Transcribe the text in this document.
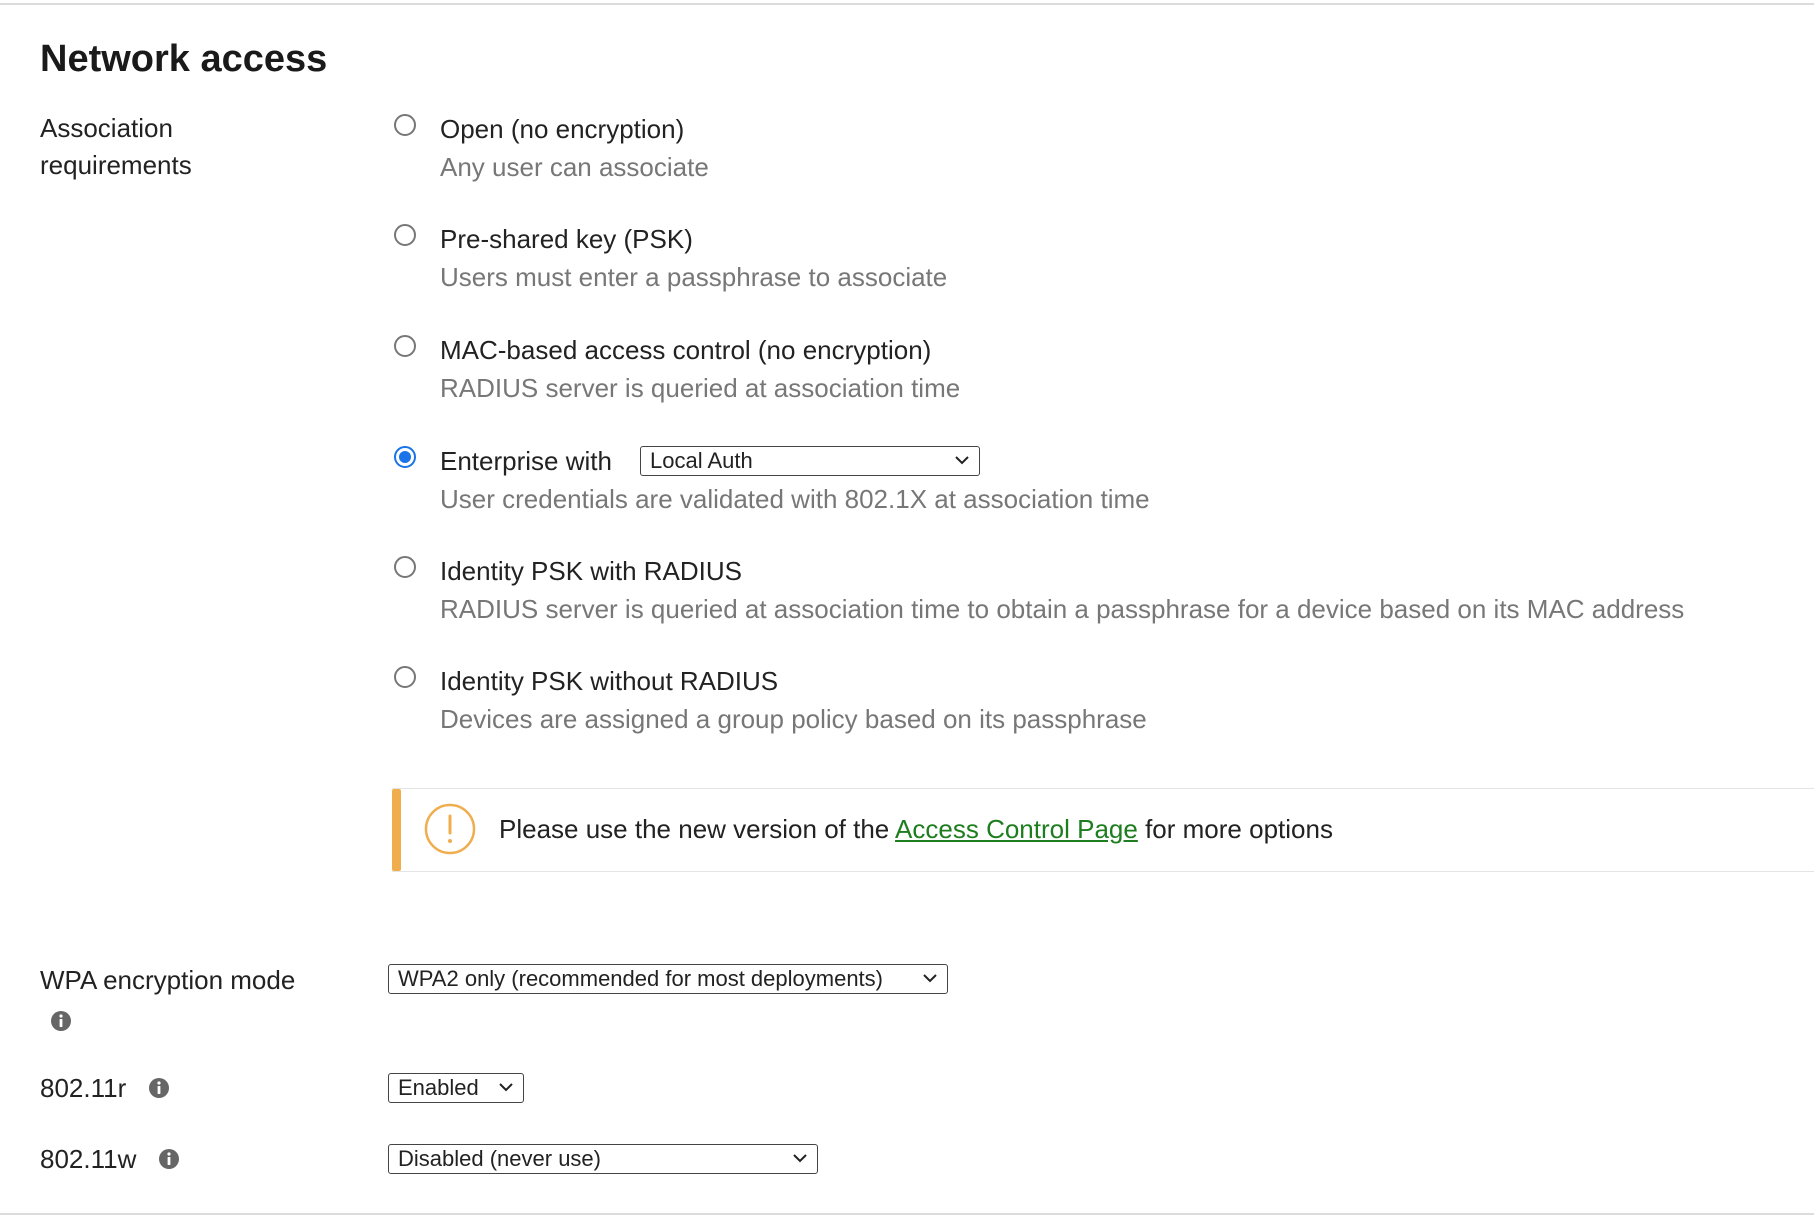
Network access
Association requirements
Open (no encryption)
Any user can associate
Pre-shared key (PSK)
Users must enter a passphrase to associate
MAC-based access control (no encryption)
RADIUS server is queried at association time
Enterprise with	Local Auth
User credentials are validated with 802.1X at association time
Identity PSK with RADIUS
RADIUS server is queried at association time to obtain a passphrase for a device based on its MAC address
Identity PSK without RADIUS
Devices are assigned a group policy based on its passphrase
Please use the new version of the Access Control Page for more options
WPA encryption mode	WPA2 only (recommended for most deployments)
802.11r	Enabled
802.11w	Disabled (never use)
